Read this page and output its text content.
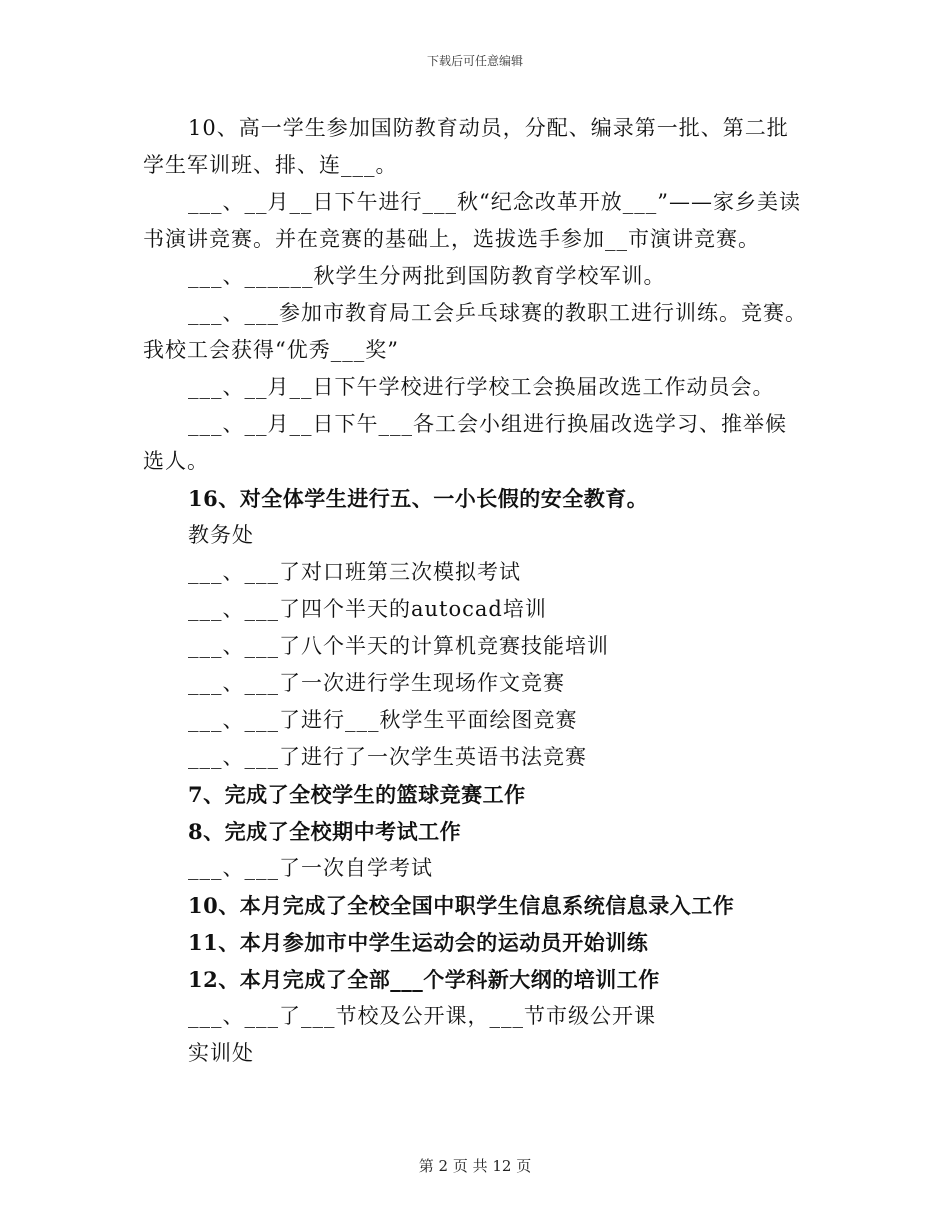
下载后可任意编辑

10、高一学生参加国防教育动员，分配、编录第一批、第二批学生军训班、排、连___。

___、__月__日下午进行___秋“纪念改革开放___”——家乡美读书演讲竞赛。并在竞赛的基础上，选拔选手参加__市演讲竞赛。

___、______秋学生分两批到国防教育学校军训。

___、___参加市教育局工会乒乓球赛的教职工进行训练。竞赛。我校工会获得“优秀___奖”

___、__月__日下午学校进行学校工会换届改选工作动员会。

___、__月__日下午___各工会小组进行换届改选学习、推举候选人。

16、对全体学生进行五、一小长假的安全教育。

教务处

___、___了对口班第三次模拟考试

___、___了四个半天的autocad培训

___、___了八个半天的计算机竞赛技能培训

___、___了一次进行学生现场作文竞赛

___、___了进行___秋学生平面绘图竞赛

___、___了进行了一次学生英语书法竞赛

7、完成了全校学生的篮球竞赛工作

8、完成了全校期中考试工作

___、___了一次自学考试

10、本月完成了全校全国中职学生信息系统信息录入工作

11、本月参加市中学生运动会的运动员开始训练

12、本月完成了全部___个学科新大纲的培训工作

___、___了___节校及公开课，___节市级公开课

实训处

第 2 页 共 12 页
